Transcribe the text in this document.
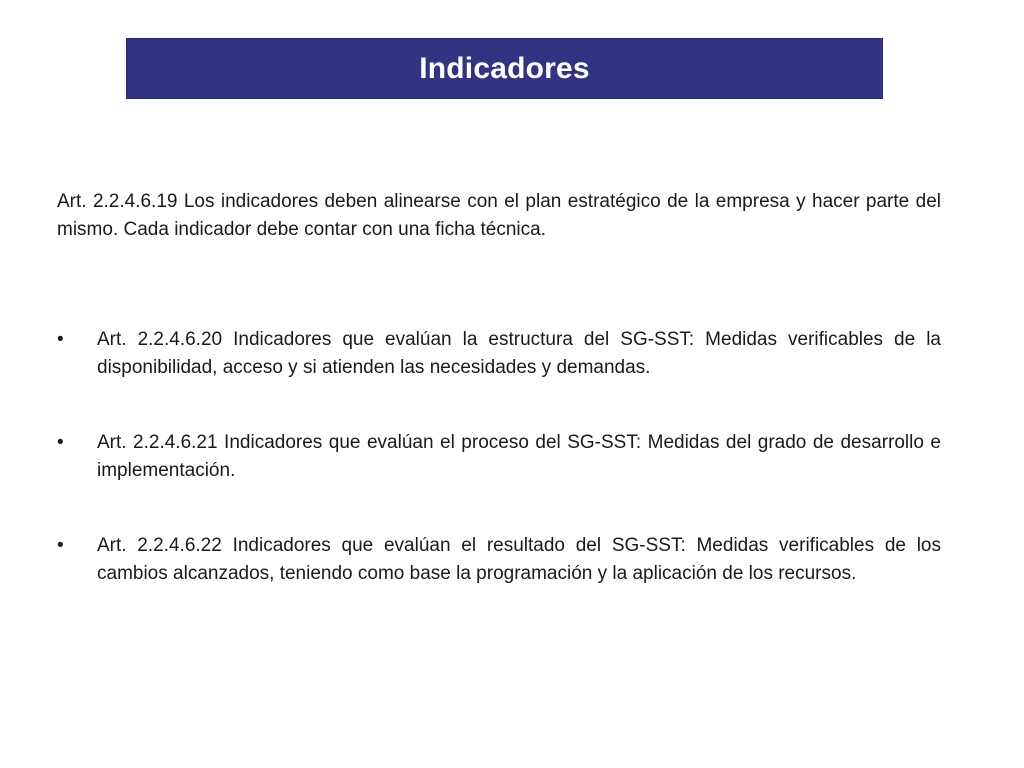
Indicadores

Art. 2.2.4.6.19 Los indicadores deben alinearse con el plan estratégico de la empresa y hacer parte del mismo. Cada indicador debe contar con una ficha técnica.

•	Art. 2.2.4.6.20 Indicadores que evalúan la estructura del SG-SST: Medidas verificables de la disponibilidad, acceso y si atienden las necesidades y demandas.
•	Art. 2.2.4.6.21 Indicadores que evalúan el proceso del SG-SST: Medidas del grado de desarrollo e implementación.
•	Art. 2.2.4.6.22 Indicadores que evalúan el resultado del SG-SST: Medidas verificables de los cambios alcanzados, teniendo como base la programación y la aplicación de los recursos.
